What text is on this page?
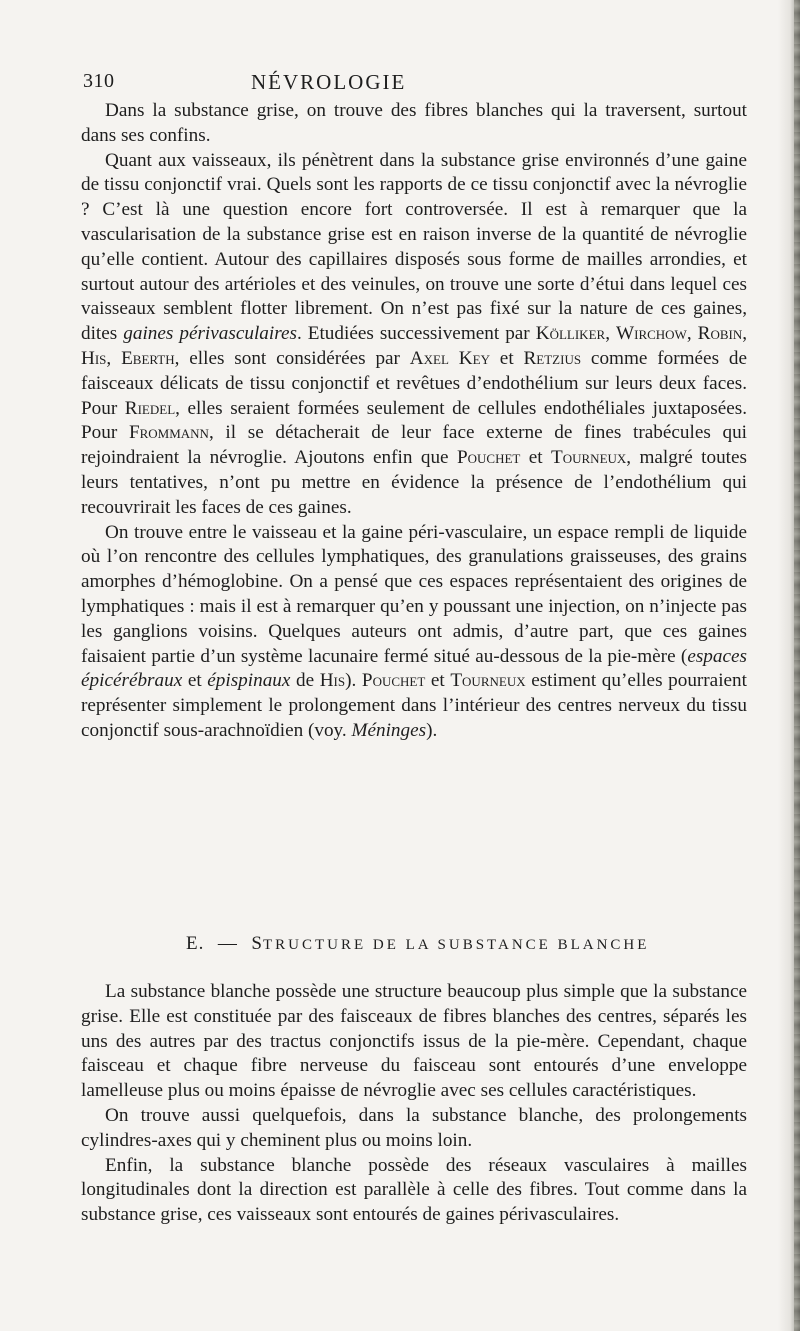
310	NÉVROLOGIE

Dans la substance grise, on trouve des fibres blanches qui la traversent, surtout dans ses confins.

Quant aux vaisseaux, ils pénètrent dans la substance grise environnés d’une gaine de tissu conjonctif vrai. Quels sont les rapports de ce tissu conjonctif avec la névroglie ? C’est là une question encore fort controversée. Il est à remarquer que la vascularisation de la substance grise est en raison inverse de la quantité de névroglie qu’elle contient. Autour des capillaires disposés sous forme de mailles arrondies, et surtout autour des artérioles et des veinules, on trouve une sorte d’étui dans lequel ces vaisseaux semblent flotter librement. On n’est pas fixé sur la nature de ces gaines, dites gaines périvasculaires. Etudiées successivement par Kölliker, Wirchow, Robin, His, Eberth, elles sont considérées par Axel Key et Retzius comme formées de faisceaux délicats de tissu conjonctif et revêtues d’endothélium sur leurs deux faces. Pour Riedel, elles seraient formées seulement de cellules endothéliales juxtaposées. Pour Frommann, il se détacherait de leur face externe de fines trabécules qui rejoindraient la névroglie. Ajoutons enfin que Pouchet et Tourneux, malgré toutes leurs tentatives, n’ont pu mettre en évidence la présence de l’endothélium qui recouvrirait les faces de ces gaines.

On trouve entre le vaisseau et la gaine péri-vasculaire, un espace rempli de liquide où l’on rencontre des cellules lymphatiques, des granulations graisseuses, des grains amorphes d’hémoglobine. On a pensé que ces espaces représentaient des origines de lymphatiques : mais il est à remarquer qu’en y poussant une injection, on n’injecte pas les ganglions voisins. Quelques auteurs ont admis, d’autre part, que ces gaines faisaient partie d’un système lacunaire fermé situé au-dessous de la pie-mère (espaces épicérébraux et épispinaux de His). Pouchet et Tourneux estiment qu’elles pourraient représenter simplement le prolongement dans l’intérieur des centres nerveux du tissu conjonctif sous-arachnoïdien (voy. Méninges).

E. — STRUCTURE DE LA SUBSTANCE BLANCHE

La substance blanche possède une structure beaucoup plus simple que la substance grise. Elle est constituée par des faisceaux de fibres blanches des centres, séparés les uns des autres par des tractus conjonctifs issus de la pie-mère. Cependant, chaque faisceau et chaque fibre nerveuse du faisceau sont entourés d’une enveloppe lamelleuse plus ou moins épaisse de névroglie avec ses cellules caractéristiques.

On trouve aussi quelquefois, dans la substance blanche, des prolongements cylindres-axes qui y cheminent plus ou moins loin.

Enfin, la substance blanche possède des réseaux vasculaires à mailles longitudinales dont la direction est parallèle à celle des fibres. Tout comme dans la substance grise, ces vaisseaux sont entourés de gaines périvasculaires.
